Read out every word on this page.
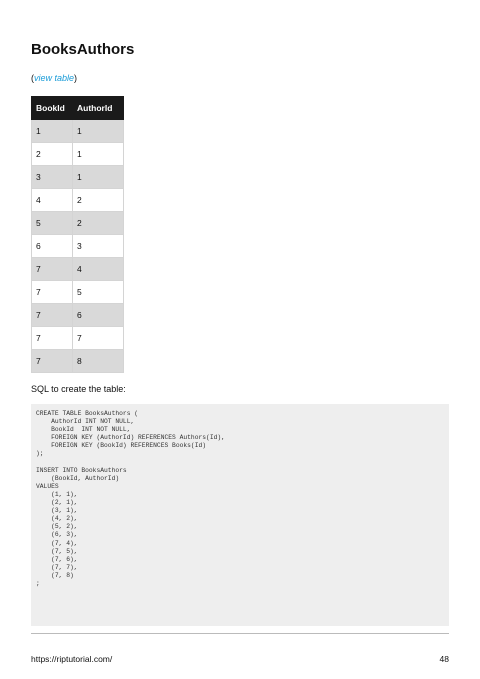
BooksAuthors
(view table)
BookId	AuthorId
1	1
2	1
3	1
4	2
5	2
6	3
7	4
7	5
7	6
7	7
7	8
SQL to create the table:
CREATE TABLE BooksAuthors (
AuthorId INT NOT NULL,
BookId  INT NOT NULL,
FOREIGN KEY (AuthorId) REFERENCES Authors(Id),
FOREIGN KEY (BookId) REFERENCES Books(Id)
);

INSERT INTO BooksAuthors
(BookId, AuthorId)
VALUES
(1, 1),
(2, 1),
(3, 1),
(4, 2),
(5, 2),
(6, 3),
(7, 4),
(7, 5),
(7, 6),
(7, 7),
(7, 8)
;
https://riptutorial.com/	48
